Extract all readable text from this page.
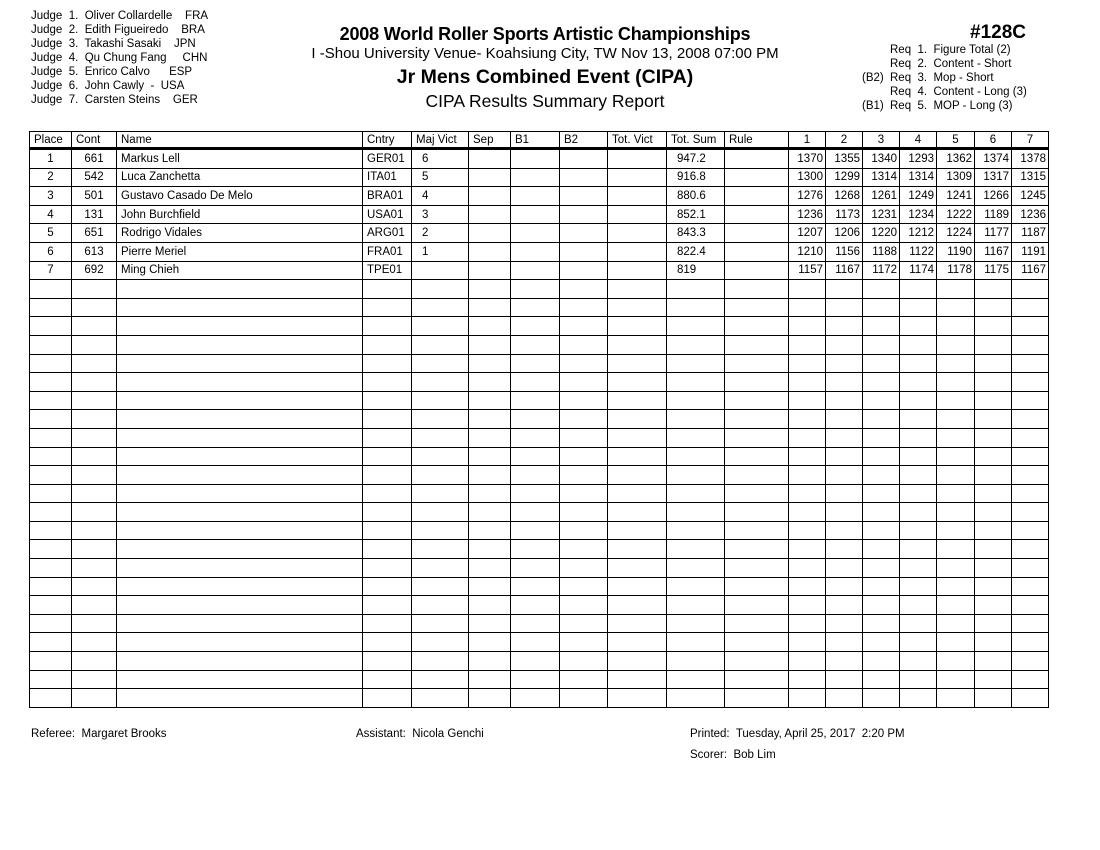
Judge  1.  Oliver Collardelle    FRA
Judge  2.  Edith Figueiredo    BRA
Judge  3.  Takashi Sasaki    JPN
Judge  4.  Qu Chung Fang     CHN
Judge  5.  Enrico Calvo      ESP
Judge  6.  John Cawly  -  USA
Judge  7.  Carsten Steins    GER
2008 World Roller Sports Artistic Championships
I -Shou University Venue- Koahsiung City, TW Nov 13, 2008 07:00 PM
Jr Mens Combined Event (CIPA)
CIPA Results Summary Report
#128C
Req  1.  Figure Total (2)
Req  2.  Content - Short
(B2) Req  3.  Mop - Short
Req  4.  Content - Long (3)
(B1) Req  5.  MOP - Long (3)
Place	Cont	Name	Cntry	Maj Vict	Sep	B1	B2	Tot. Vict	Tot. Sum	Rule	1	2	3	4	5	6	7
1	661	Markus Lell	GER01	6					947.2		1370	1355	1340	1293	1362	1374	1378
2	542	Luca Zanchetta	ITA01	5					916.8		1300	1299	1314	1314	1309	1317	1315
3	501	Gustavo Casado De Melo	BRA01	4					880.6		1276	1268	1261	1249	1241	1266	1245
4	131	John Burchfield	USA01	3					852.1		1236	1173	1231	1234	1222	1189	1236
5	651	Rodrigo Vidales	ARG01	2					843.3		1207	1206	1220	1212	1224	1177	1187
6	613	Pierre Meriel	FRA01	1					822.4		1210	1156	1188	1122	1190	1167	1191
7	692	Ming Chieh	TPE01						819		1157	1167	1172	1174	1178	1175	1167

Referee:  Margaret Brooks	Assistant:  Nicola Genchi	Printed:  Tuesday, April 25, 2017  2:20 PM
Scorer:  Bob Lim
